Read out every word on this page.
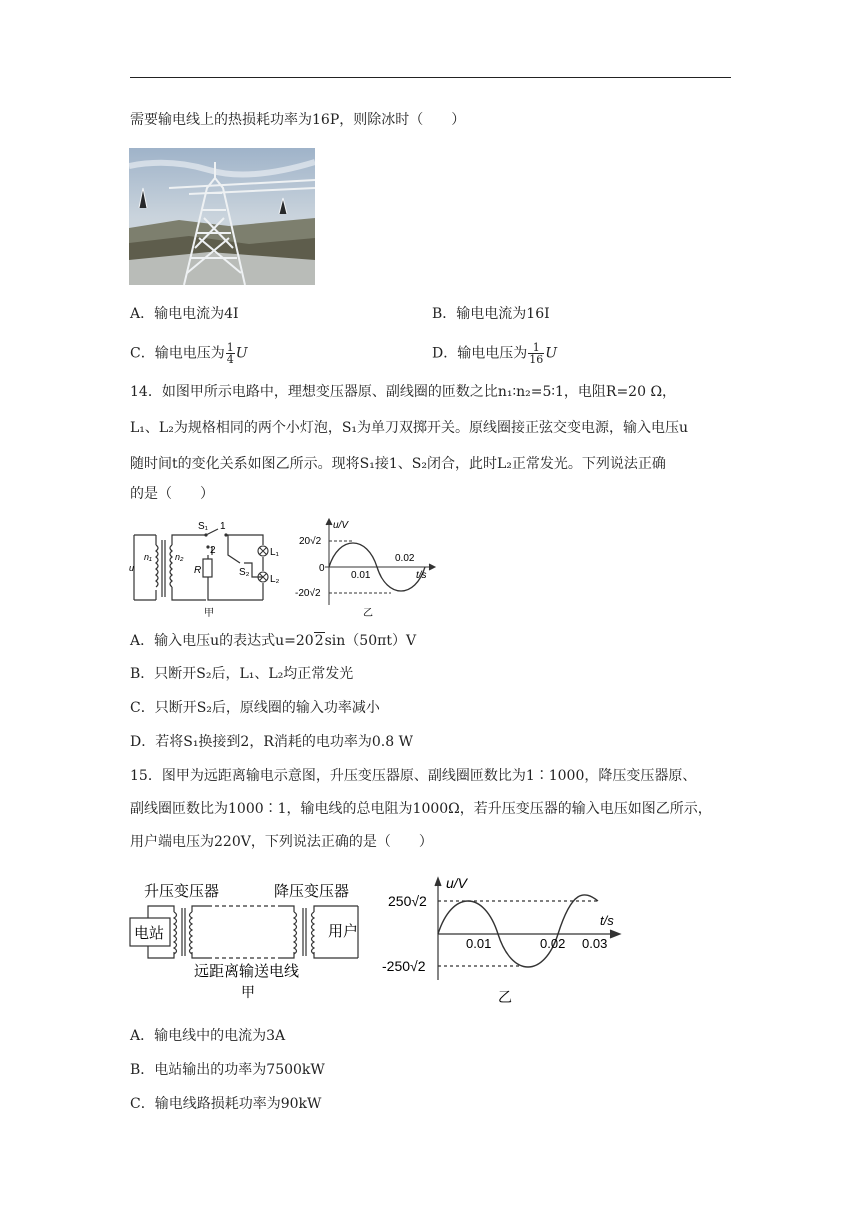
需要输电线上的热损耗功率为16P，则除冰时（　　）
A．输电电流为4I	B．输电电流为16I
C．输电电压为 $\frac{1}{4}$ U	D．输电电压为 $\frac{1}{16}$ U
14．如图甲所示电路中，理想变压器原、副线圈的匝数之比n₁∶n₂=5∶1，电阻R=20 Ω，
L₁、L₂为规格相同的两个小灯泡，S₁为单刀双掷开关。原线圈接正弦交变电源，输入电压u
随时间t的变化关系如图乙所示。现将S₁接1、S₂闭合，此时L₂正常发光。下列说法正确
的是（　　）
S₁ 1
2
n₁	n₂
u	R	S₂
L₁
L₂
甲
u/V
t/s
20√2
0
-20√2
0.01
0.02
乙
A．输入电压u的表达式u=202sin（50πt）V
B．只断开S₂后，L₁、L₂均正常发光
C．只断开S₂后，原线圈的输入功率减小
D．若将S₁换接到2，R消耗的电功率为0.8 W
15．图甲为远距离输电示意图，升压变压器原、副线圈匝数比为1∶1000，降压变压器原、
副线圈匝数比为1000∶1，输电线的总电阻为1000Ω，若升压变压器的输入电压如图乙所示，
用户端电压为220V，下列说法正确的是（　　）
升压变压器	降压变压器
电站	用户
远距离输送电线
甲
u/V
t/s
250√2
-250√2
0.01	0.02 0.03
乙
A．输电线中的电流为3A
B．电站输出的功率为7500kW
C．输电线路损耗功率为90kW
